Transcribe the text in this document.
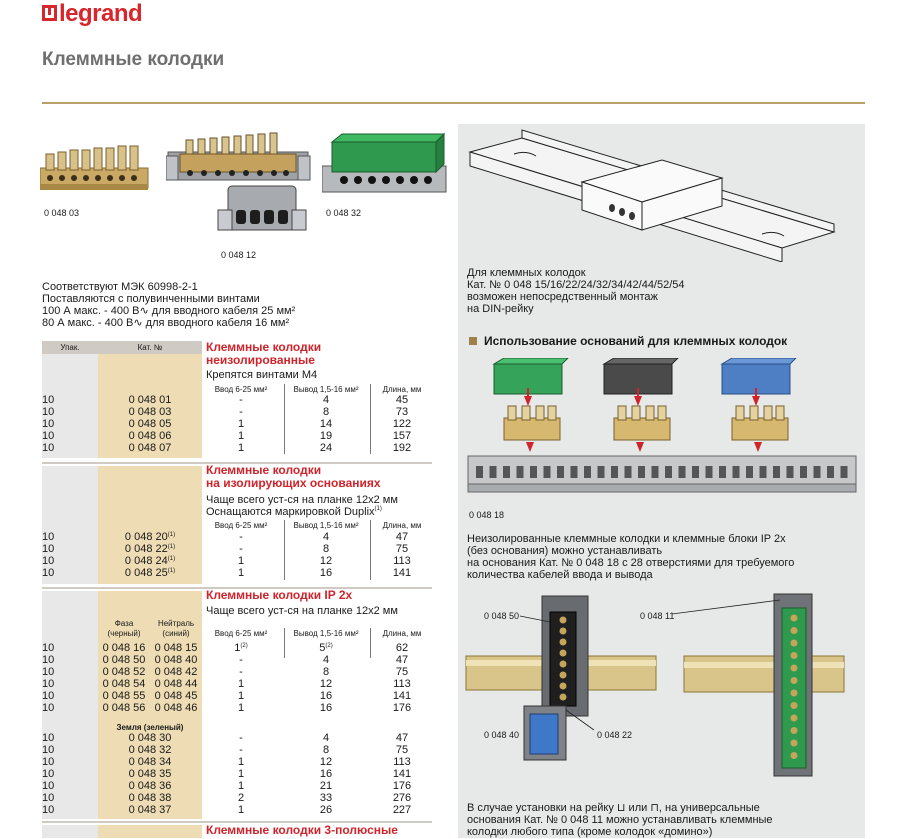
legrand
Клеммные колодки
0 048 03
0 048 12
0 048 32
Соответствуют МЭК 60998-2-1
Поставляются с полувинченными винтами
100 А макс. - 400 В∿ для вводного кабеля 25 мм²
80 А макс. - 400 В∿ для вводного кабеля 16 мм²
Упак.	Кат. №	Клеммные колодки
неизолированные
Крепятся винтами М4
Ввод 6-25 мм²	Вывод 1,5-16 мм²	Длина, мм
10	0 048 01	-	4	45
10	0 048 03	-	8	73
10	0 048 05	1	14	122
10	0 048 06	1	19	157
10	0 048 07	1	24	192
Клеммные колодки
на изолирующих основаниях
Чаще всего уст-ся на планке 12х2 мм
Оснащаются маркировкой Duplix$^{(1)}$
Ввод 6-25 мм²	Вывод 1,5-16 мм²	Длина, мм
10	0 048 20$^{(1)}$	-	4	47
10	0 048 22$^{(1)}$	-	8	75
10	0 048 24$^{(1)}$	1	12	113
10	0 048 25$^{(1)}$	1	16	141
Клеммные колодки IP 2x
Чаще всего уст-ся на планке 12х2 мм
Фаза
(черный)
Нейтраль
(синий)	Ввод 6-25 мм²	Вывод 1,5-16 мм²	Длина, мм
10	0 048 16 0 048 15	1$^{(2)}$	5$^{(2)}$	62
10	0 048 50 0 048 40	-	4	47
10	0 048 52 0 048 42	-	8	75
10	0 048 54 0 048 44	1	12	113
10	0 048 55 0 048 45	1	16	141
10	0 048 56 0 048 46	1	16	176
Земля (зеленый)
10	0 048 30	-	4	47
10	0 048 32	-	8	75
10	0 048 34	1	12	113
10	0 048 35	1	16	141
10	0 048 36	1	21	176
10	0 048 38	2	33	276
10	0 048 37	1	26	227
Клеммные колодки 3-полюсные
Для клеммных колодок
Кат. № 0 048 15/16/22/24/32/34/42/44/52/54
возможен непосредственный монтаж
на DIN-рейку
Использование оснований для клеммных колодок
0 048 18
Неизолированные клеммные колодки и клеммные блоки IP 2x
(без основания) можно устанавливать
на основания Кат. № 0 048 18 с 28 отверстиями для требуемого
количества кабелей ввода и вывода
0 048 50	0 048 11
0 048 40	0 048 22
В случае установки на рейку ⊔ или ⊓, на универсальные
основания Кат. № 0 048 11 можно устанавливать клеммные
колодки любого типа (кроме колодок «домино»)
